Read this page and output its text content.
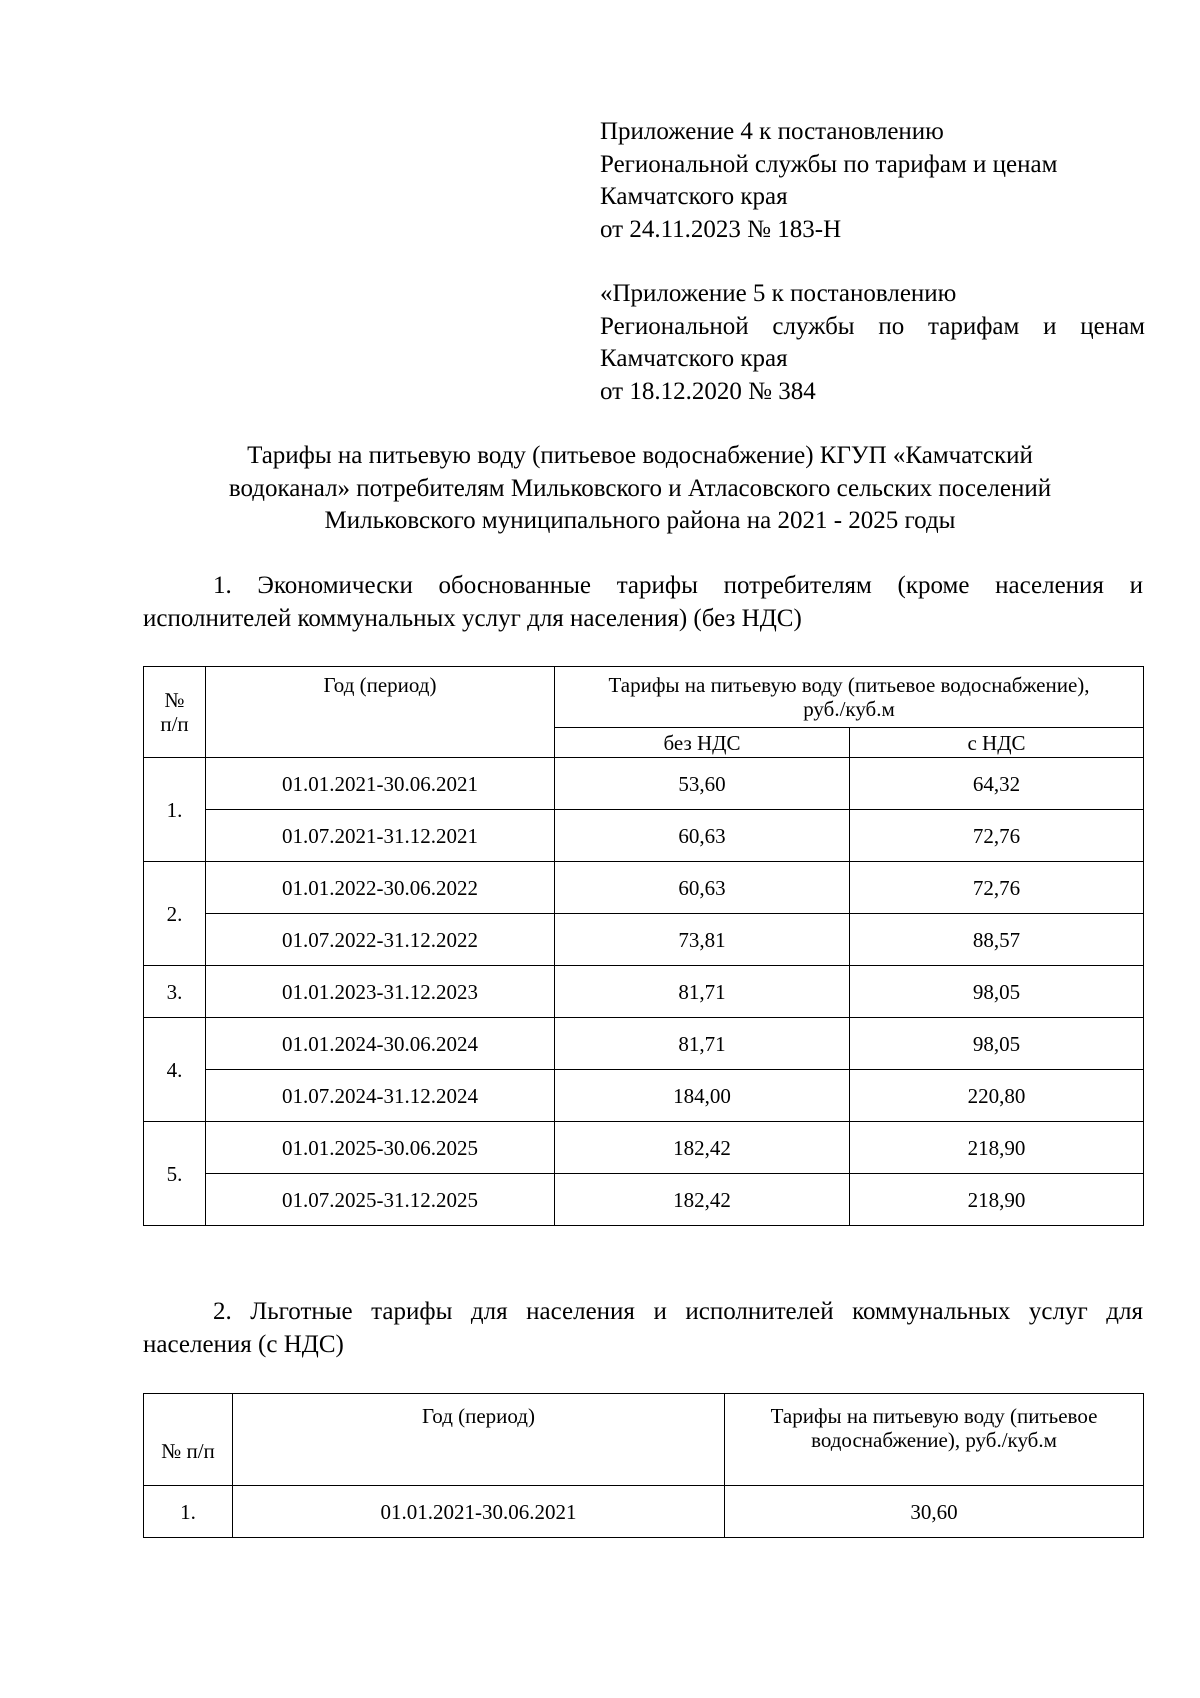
Приложение 4 к постановлению
Региональной службы по тарифам и ценам
Камчатского края
от 24.11.2023 № 183-Н
«Приложение 5 к постановлению
Региональной службы по тарифам и ценам
Камчатского края
от 18.12.2020 № 384
Тарифы на питьевую воду (питьевое водоснабжение) КГУП «Камчатский
водоканал» потребителям Мильковского и Атласовского сельских поселений
Мильковского муниципального района на 2021 - 2025 годы
1. Экономически обоснованные тарифы потребителям (кроме населения и
исполнителей коммунальных услуг для населения) (без НДС)
№
п/п	Год (период)	Тарифы на питьевую воду (питьевое водоснабжение),
руб./куб.м	
		без НДС	с НДС
1.	01.01.2021-30.06.2021	53,60	64,32
	01.07.2021-31.12.2021	60,63	72,76
2.	01.01.2022-30.06.2022	60,63	72,76
	01.07.2022-31.12.2022	73,81	88,57
3.	01.01.2023-31.12.2023	81,71	98,05
4.	01.01.2024-30.06.2024	81,71	98,05
	01.07.2024-31.12.2024	184,00	220,80
5.	01.01.2025-30.06.2025	182,42	218,90
	01.07.2025-31.12.2025	182,42	218,90
2. Льготные тарифы для населения и исполнителей коммунальных услуг для
населения (с НДС)
№ п/п	Год (период)	Тарифы на питьевую воду (питьевое
водоснабжение), руб./куб.м
1.	01.01.2021-30.06.2021	30,60
